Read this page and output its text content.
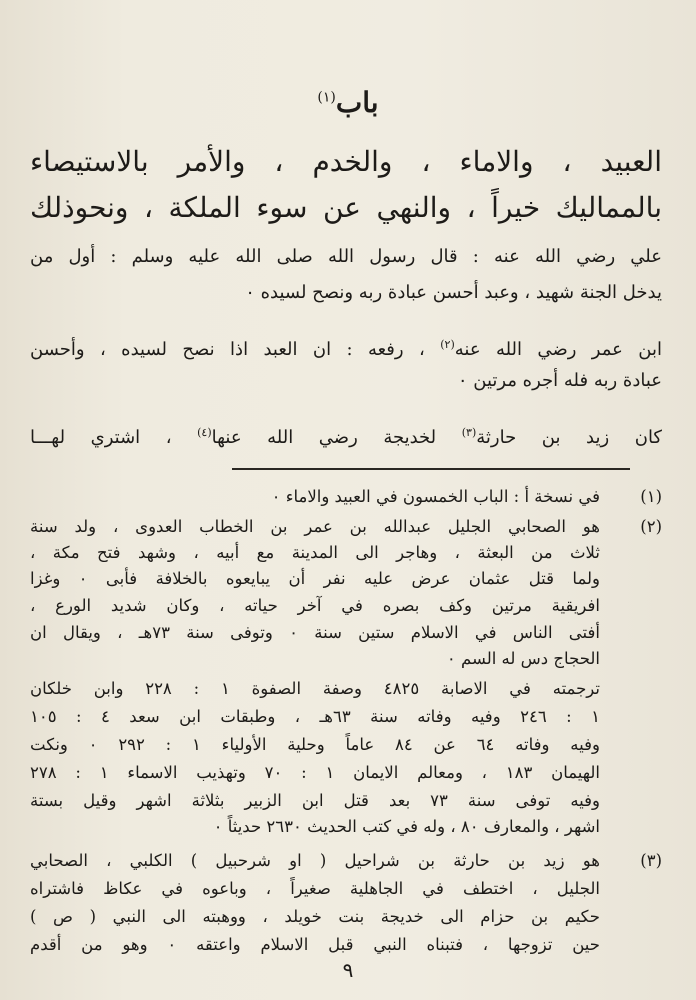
باب$^{(١)}$
العبيد ، والاماء ، والخدم ، والأمر بالاستيصاء
بالمماليك خيراً ، والنهي عن سوء الملكة ، ونحوذلك
علي رضي الله عنه : قال رسول الله صلى الله عليه وسلم : أول من
يدخل الجنة شهيد ، وعبد أحسن عبادة ربه ونصح لسيده ٠
ابن عمر رضي الله عنه$^{(٢)}$ ، رفعه : ان العبد اذا نصح لسيده ، وأحسن
عبادة ربه فله أجره مرتين ٠
كان زيد بن حارثة$^{(٣)}$ لخديجة رضي الله عنها$^{(٤)}$ ، اشتري لهـــا
(١)
في نسخة أ : الباب الخمسون في العبيد والاماء ٠
(٢)
هو الصحابي الجليل عبدالله بن عمر بن الخطاب العدوى ، ولد سنة
ثلاث من البعثة ، وهاجر الى المدينة مع أبيه ، وشهد فتح مكة ،
ولما قتل عثمان عرض عليه نفر أن يبايعوه بالخلافة فأبى ٠ وغزا
افريقية مرتين وكف بصره في آخر حياته ، وكان شديد الورع ،
أفتى الناس في الاسلام ستين سنة ٠ وتوفى سنة ٧٣هـ ، ويقال ان
الحجاج دس له السم ٠
ترجمته في الاصابة ٤٨٢٥ وصفة الصفوة ١ : ٢٢٨ وابن خلكان
١ : ٢٤٦ وفيه وفاته سنة ٦٣هـ ، وطبقات ابن سعد ٤ : ١٠٥
وفيه وفاته ٦٤ عن ٨٤ عاماً وحلية الأولياء ١ : ٢٩٢ ٠ ونكت
الهيمان ١٨٣ ، ومعالم الايمان ١ : ٧٠ وتهذيب الاسماء ١ : ٢٧٨
وفيه توفى سنة ٧٣ بعد قتل ابن الزبير بثلاثة اشهر وقيل بستة
اشهر ، والمعارف ٨٠ ، وله في كتب الحديث ٢٦٣٠ حديثاً ٠
(٣)
هو زيد بن حارثة بن شراحيل ( او شرحبيل ) الكلبي ، الصحابي
الجليل ، اختطف في الجاهلية صغيراً ، وباعوه في عكاظ فاشتراه
حكيم بن حزام الى خديجة بنت خويلد ، ووهبته الى النبي ( ص )
حين تزوجها ، فتبناه النبي قبل الاسلام واعتقه ٠ وهو من أقدم
٩
